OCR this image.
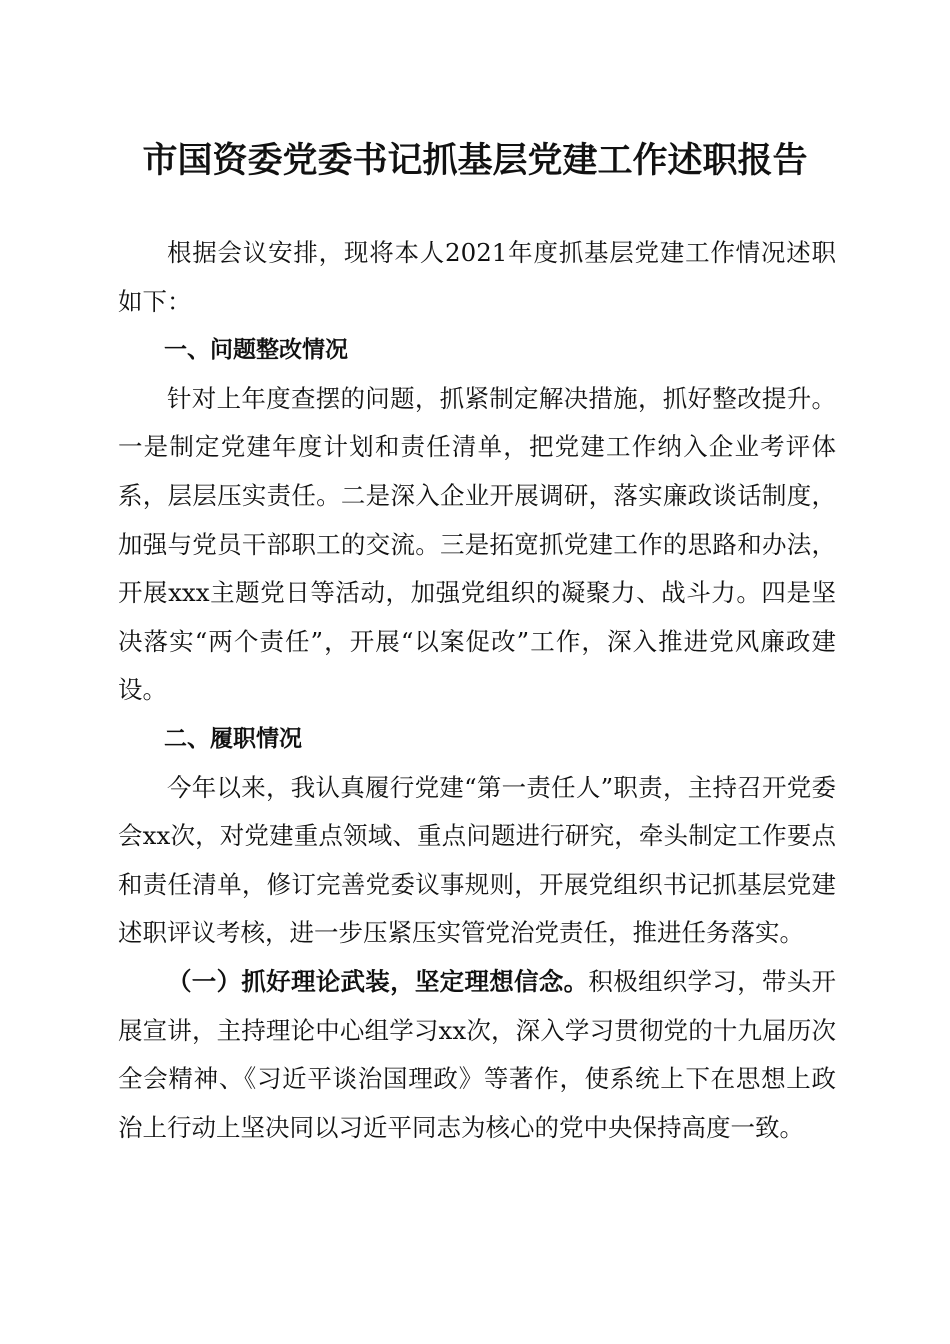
市国资委党委书记抓基层党建工作述职报告

根据会议安排，现将本人2021年度抓基层党建工作情况述职如下：

一、问题整改情况

针对上年度查摆的问题，抓紧制定解决措施，抓好整改提升。一是制定党建年度计划和责任清单，把党建工作纳入企业考评体系，层层压实责任。二是深入企业开展调研，落实廉政谈话制度，加强与党员干部职工的交流。三是拓宽抓党建工作的思路和办法，开展xxx主题党日等活动，加强党组织的凝聚力、战斗力。四是坚决落实“两个责任”，开展“以案促改”工作，深入推进党风廉政建设。

二、履职情况

今年以来，我认真履行党建“第一责任人”职责，主持召开党委会xx次，对党建重点领域、重点问题进行研究，牵头制定工作要点和责任清单，修订完善党委议事规则，开展党组织书记抓基层党建述职评议考核，进一步压紧压实管党治党责任，推进任务落实。

（一）抓好理论武装，坚定理想信念。积极组织学习，带头开展宣讲，主持理论中心组学习xx次，深入学习贯彻党的十九届历次全会精神、《习近平谈治国理政》等著作，使系统上下在思想上政治上行动上坚决同以习近平同志为核心的党中央保持高度一致。
